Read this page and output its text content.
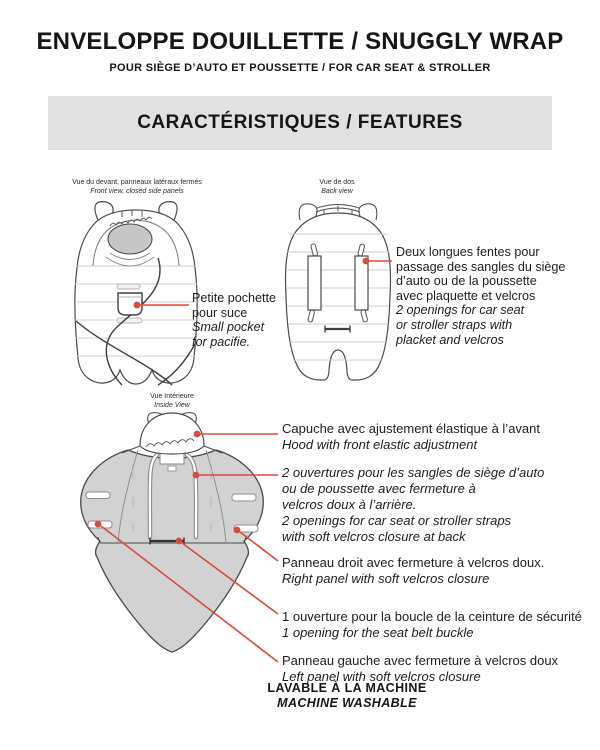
ENVELOPPE DOUILLETTE / SNUGGLY WRAP
POUR SIÈGE D’AUTO ET POUSSETTE / FOR CAR SEAT & STROLLER
CARACTÉRISTIQUES / FEATURES
Vue du devant, panneaux latéraux fermés
Front view, closed side panels
Vue de dos
Back view
Vue Intérieure
Inside View
Petite pochette
pour suce
Small pocket
for pacifie.
Deux longues fentes pour
passage des sangles du siège
d’auto ou de la poussette
avec plaquette et velcros
2 openings for car seat
or stroller straps with
placket and velcros
Capuche avec ajustement élastique à l’avant
Hood with front elastic adjustment
2 ouvertures pour les sangles de siège d’auto
ou de poussette avec fermeture à
velcros doux à l’arrière.
2 openings for car seat or stroller straps
with soft velcros closure at back
Panneau droit avec fermeture à velcros doux.
Right panel with soft velcros closure
1 ouverture pour la boucle de la ceinture de sécurité
1 opening for the seat belt buckle
Panneau gauche avec fermeture à velcros doux
Left panel with soft velcros closure
LAVABLE À LA MACHINE
MACHINE WASHABLE
